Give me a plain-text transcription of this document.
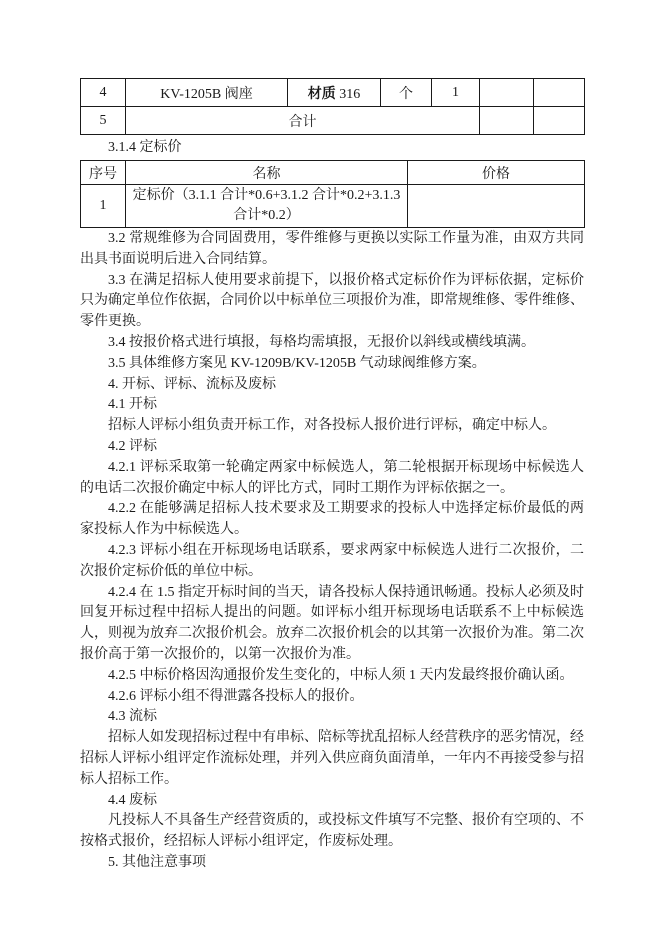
4	KV-1205B 阀座	材质 316	个	1		
5	合计					

3.1.4 定标价

序号	名称	价格
1	定标价（3.1.1 合计*0.6+3.1.2 合计*0.2+3.1.3 合计*0.2）	

3.2 常规维修为合同固费用，零件维修与更换以实际工作量为准，由双方共同出具书面说明后进入合同结算。

3.3 在满足招标人使用要求前提下，以报价格式定标价作为评标依据，定标价只为确定单位作依据，合同价以中标单位三项报价为准，即常规维修、零件维修、零件更换。

3.4 按报价格式进行填报，每格均需填报，无报价以斜线或横线填满。

3.5 具体维修方案见 KV-1209B/KV-1205B 气动球阀维修方案。

4. 开标、评标、流标及废标

4.1 开标

招标人评标小组负责开标工作，对各投标人报价进行评标，确定中标人。

4.2 评标

4.2.1 评标采取第一轮确定两家中标候选人，第二轮根据开标现场中标候选人的电话二次报价确定中标人的评比方式，同时工期作为评标依据之一。

4.2.2 在能够满足招标人技术要求及工期要求的投标人中选择定标价最低的两家投标人作为中标候选人。

4.2.3 评标小组在开标现场电话联系，要求两家中标候选人进行二次报价，二次报价定标价低的单位中标。

4.2.4 在 1.5 指定开标时间的当天，请各投标人保持通讯畅通。投标人必须及时回复开标过程中招标人提出的问题。如评标小组开标现场电话联系不上中标候选人，则视为放弃二次报价机会。放弃二次报价机会的以其第一次报价为准。第二次报价高于第一次报价的，以第一次报价为准。

4.2.5 中标价格因沟通报价发生变化的，中标人须 1 天内发最终报价确认函。

4.2.6 评标小组不得泄露各投标人的报价。

4.3 流标

招标人如发现招标过程中有串标、陪标等扰乱招标人经营秩序的恶劣情况，经招标人评标小组评定作流标处理，并列入供应商负面清单，一年内不再接受参与招标人招标工作。

4.4 废标

凡投标人不具备生产经营资质的，或投标文件填写不完整、报价有空项的、不按格式报价，经招标人评标小组评定，作废标处理。

5. 其他注意事项
